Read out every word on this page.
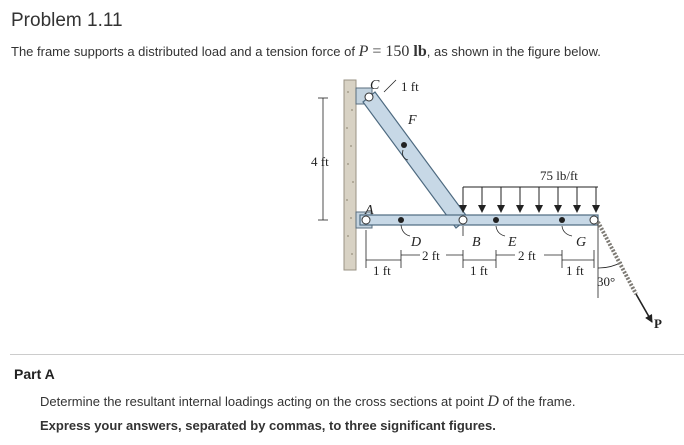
Problem 1.11
The frame supports a distributed load and a tension force of P = 150 lb, as shown in the figure below.
4 ft
75 lb/ft
1 ft
C
F
A
D	B E	G
1 ft
2 ft
1 ft
2 ft
1 ft
30°
P
Part A
Determine the resultant internal loadings acting on the cross sections at point D of the frame.
Express your answers, separated by commas, to three significant figures.
